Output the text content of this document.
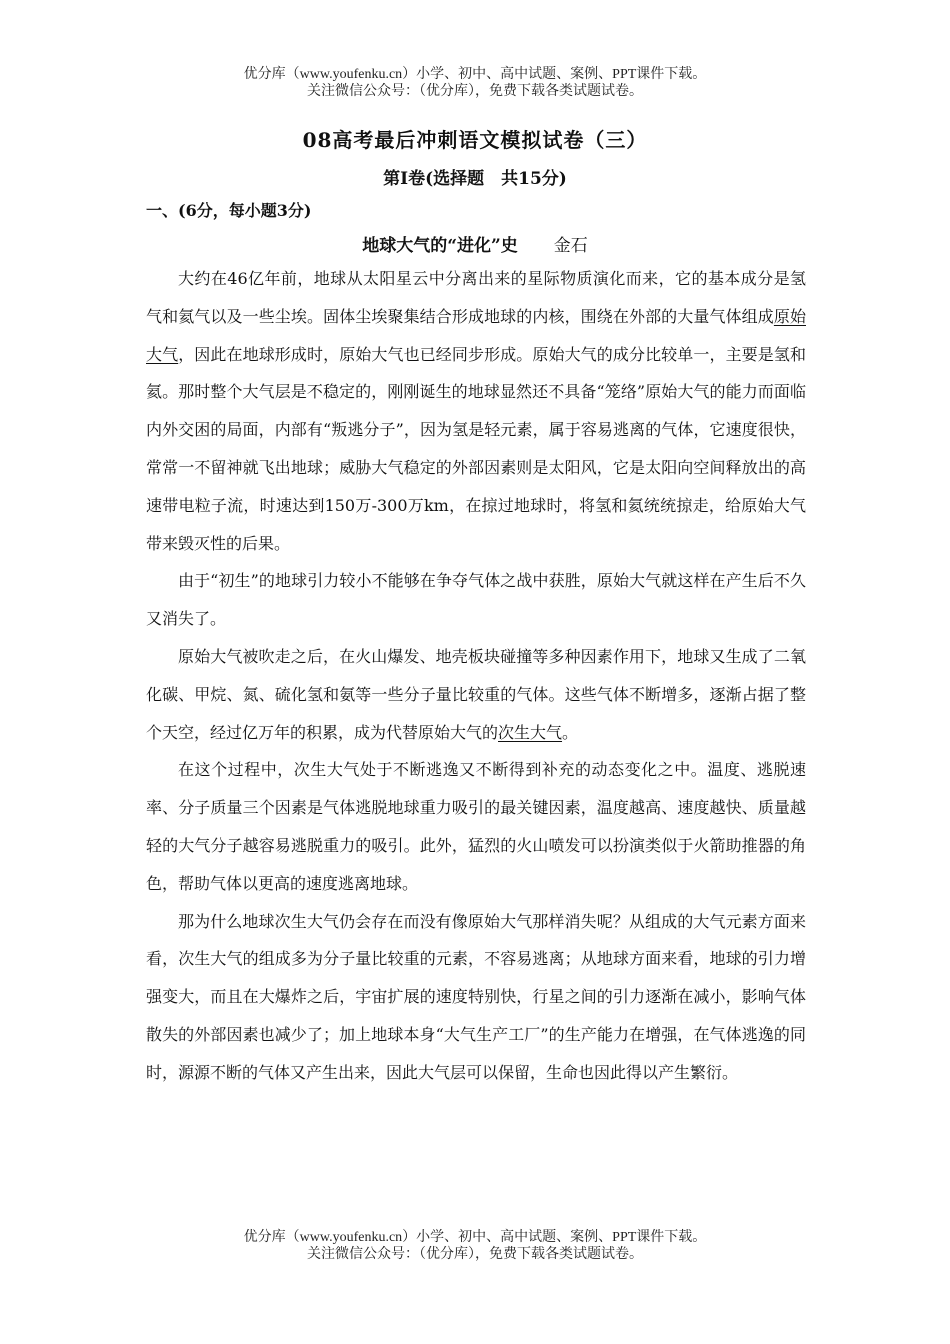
优分库（www.youfenku.cn）小学、初中、高中试题、案例、PPT课件下载。
关注微信公众号：（优分库），免费下载各类试题试卷。
08高考最后冲刺语文模拟试卷（三）
第Ⅰ卷(选择题　共15分)
一、(6分，每小题3分)
地球大气的“进化”史 金石

大约在46亿年前，地球从太阳星云中分离出来的星际物质演化而来，它的基本成分是氢气和氦气以及一些尘埃。固体尘埃聚集结合形成地球的内核，围绕在外部的大量气体组成原始大气，因此在地球形成时，原始大气也已经同步形成。原始大气的成分比较单一，主要是氢和氦。那时整个大气层是不稳定的，刚刚诞生的地球显然还不具备“笼络”原始大气的能力而面临内外交困的局面，内部有“叛逃分子”，因为氢是轻元素，属于容易逃离的气体，它速度很快，常常一不留神就飞出地球；威胁大气稳定的外部因素则是太阳风，它是太阳向空间释放出的高速带电粒子流，时速达到150万-300万km，在掠过地球时，将氢和氦统统掠走，给原始大气带来毁灭性的后果。

由于“初生”的地球引力较小不能够在争夺气体之战中获胜，原始大气就这样在产生后不久又消失了。

原始大气被吹走之后，在火山爆发、地壳板块碰撞等多种因素作用下，地球又生成了二氧化碳、甲烷、氮、硫化氢和氨等一些分子量比较重的气体。这些气体不断增多，逐渐占据了整个天空，经过亿万年的积累，成为代替原始大气的次生大气。

在这个过程中，次生大气处于不断逃逸又不断得到补充的动态变化之中。温度、逃脱速率、分子质量三个因素是气体逃脱地球重力吸引的最关键因素，温度越高、速度越快、质量越轻的大气分子越容易逃脱重力的吸引。此外，猛烈的火山喷发可以扮演类似于火箭助推器的角色，帮助气体以更高的速度逃离地球。

那为什么地球次生大气仍会存在而没有像原始大气那样消失呢？从组成的大气元素方面来看，次生大气的组成多为分子量比较重的元素，不容易逃离；从地球方面来看，地球的引力增强变大，而且在大爆炸之后，宇宙扩展的速度特别快，行星之间的引力逐渐在减小，影响气体散失的外部因素也减少了；加上地球本身“大气生产工厂”的生产能力在增强，在气体逃逸的同时，源源不断的气体又产生出来，因此大气层可以保留，生命也因此得以产生繁衍。

优分库（www.youfenku.cn）小学、初中、高中试题、案例、PPT课件下载。
关注微信公众号：（优分库），免费下载各类试题试卷。
